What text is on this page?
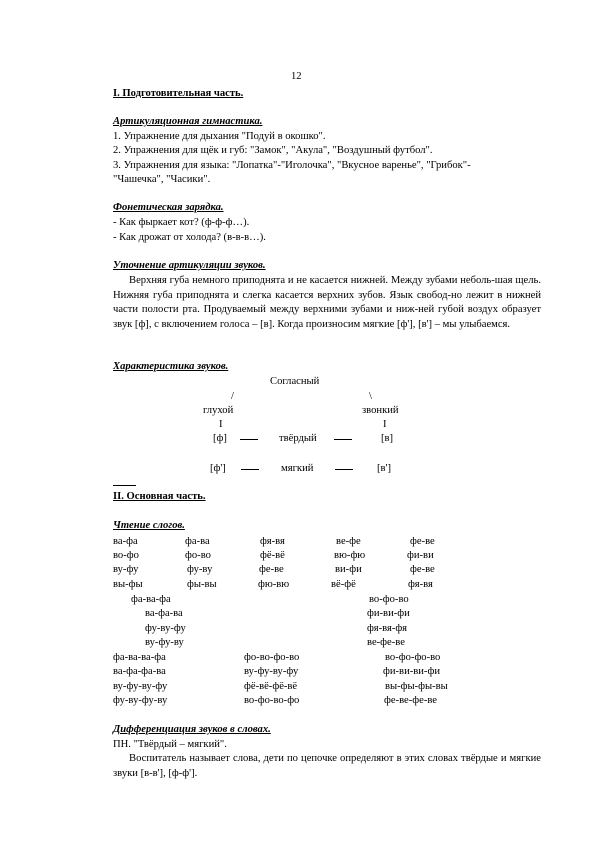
12
I. Подготовительная часть.
Артикуляционная гимнастика.
1. Упражнение для дыхания "Подуй в окошко".
2. Упражнения для щёк и губ: "Замок", "Акула", "Воздушный футбол".
3. Упражнения для языка: "Лопатка"-"Иголочка", "Вкусное варенье", "Грибок"-
"Чашечка", "Часики".
Фонетическая зарядка.
- Как фыркает кот? (ф-ф-ф…).
- Как дрожат от холода? (в-в-в…).
Уточнение артикуляции звуков.

Верхняя губа немного приподнята и не касается нижней. Между зубами неболь-шая щель. Нижняя губа приподнята и слегка касается верхних зубов. Язык свобод-но лежит в нижней части полости рта. Продуваемый между верхними зубами и ниж-ней губой воздух образует звук [ф], с включением голоса – [в]. Когда произносим мягкие [ф'], [в'] – мы улыбаемся.

Характеристика звуков.
Согласный
/	\
глухой	звонкий
I	I
[ф]	твёрдый	[в]
[ф']	мягкий	[в']
II. Основная часть.
Чтение слогов.
ва-фа	фа-ва	фя-вя	ве-фе	фе-ве
во-фо	фо-во	фё-вё	вю-фю	фи-ви
ву-фу	фу-ву	фе-ве	ви-фи	фе-ве
вы-фы	фы-вы	фю-вю	вё-фё	фя-вя
фа-ва-фа	во-фо-во
ва-фа-ва	фи-ви-фи
фу-ву-фу	фя-вя-фя
ву-фу-ву	ве-фе-ве
фа-ва-ва-фа	фо-во-фо-во	во-фо-фо-во
ва-фа-фа-ва	ву-фу-ву-фу	фи-ви-ви-фи
ву-фу-ву-фу	фё-вё-фё-вё	вы-фы-фы-вы
фу-ву-фу-ву	во-фо-во-фо	фе-ве-фе-ве
Дифференциация звуков в словах.
ПН. "Твёрдый – мягкий".

Воспитатель называет слова, дети по цепочке определяют в этих словах твёрдые и мягкие звуки [в-в'], [ф-ф'].
